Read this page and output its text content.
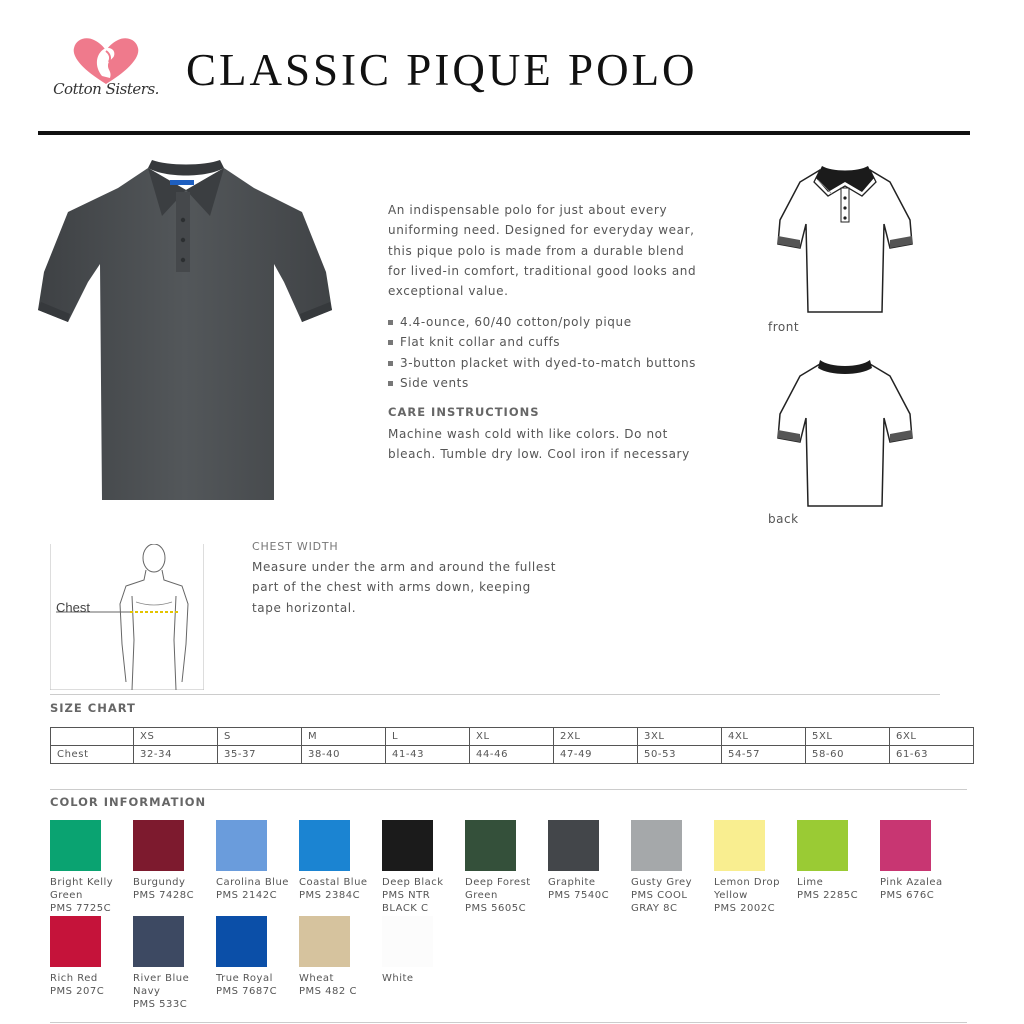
Cotton Sisters. CLASSIC PIQUE POLO
An indispensable polo for just about every uniforming need. Designed for everyday wear, this pique polo is made from a durable blend for lived-in comfort, traditional good looks and exceptional value.
4.4-ounce, 60/40 cotton/poly pique
Flat knit collar and cuffs
3-button placket with dyed-to-match buttons
Side vents
CARE INSTRUCTIONS
Machine wash cold with like colors. Do not bleach. Tumble dry low. Cool iron if necessary
front
back
Chest
CHEST WIDTH
Measure under the arm and around the fullest part of the chest with arms down, keeping tape horizontal.
SIZE CHART
	XS	S	M	L	XL	2XL	3XL	4XL	5XL	6XL
Chest	32-34	35-37	38-40	41-43	44-46	47-49	50-53	54-57	58-60	61-63
COLOR INFORMATION
Bright Kelly Green
PMS 7725C
Burgundy
PMS 7428C
Carolina Blue
PMS 2142C
Coastal Blue
PMS 2384C
Deep Black
PMS NTR BLACK C
Deep Forest Green
PMS 5605C
Graphite
PMS 7540C
Gusty Grey
PMS COOL GRAY 8C
Lemon Drop Yellow
PMS 2002C
Lime
PMS 2285C
Pink Azalea
PMS 676C
Rich Red
PMS 207C
River Blue Navy
PMS 533C
True Royal
PMS 7687C
Wheat
PMS 482 C
White
